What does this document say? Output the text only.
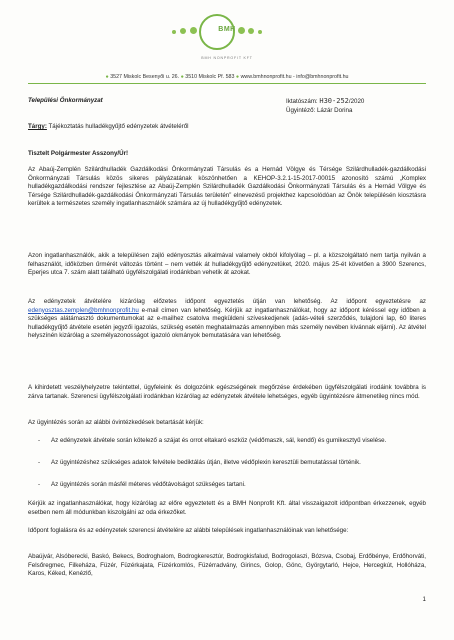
BMH
BMH NONPROFIT KFT
● 3527 Miskolc Besenyői u. 26. ● 3510 Miskolc Pf. 583 ● www.bmhnonprofit.hu - info@bmhnonprofit.hu
Települési Önkormányzat	Iktatószám: H30-252/2020
Ügyintéző: Lázár Dorina
Tárgy: Tájékoztatás hulladékgyűjtő edényzetek átvételéről
Tisztelt Polgármester Asszony/Úr!
Az Abaúj-Zemplén Szilárdhulladék Gazdálkodási Önkormányzati Társulás és a Hernád Völgye és Térsége Szilárdhulladék-gazdálkodási Önkormányzati Társulás közös sikeres pályázatának köszönhetően a KEHOP-3.2.1-15-2017-00015 azonosító számú „Komplex hulladékgazdálkodási rendszer fejlesztése az Abaúj-Zemplén Szilárdhulladék Gazdálkodási Önkormányzati Társulás és a Hernád Völgye és Térsége Szilárdhulladék-gazdálkodási Önkormányzati Társulás területén” elnevezésű projekthez kapcsolódóan az Önök településén kiosztásra kerültek a természetes személy ingatlanhasználók számára az új hulladékgyűjtő edényzetek.
Azon ingatlanhasználók, akik a településen zajló edényosztás alkalmával valamely okból kifolyólag – pl. a közszolgáltató nem tartja nyilván a felhasználót, időközben űrmérét változás történt – nem vették át hulladékgyűjtő edényzetüket, 2020. május 25-ét követően a 3900 Szerencs, Eperjes utca 7. szám alatt található ügyfélszolgálati irodánkban vehetik át azokat.
Az edényzetek átvételére kizárólag előzetes időpont egyeztetés útján van lehetőség. Az időpont egyeztetésre az edenyosztas.zemplen@bmhnonprofit.hu e-mail címen van lehetőség. Kérjük az ingatlanhasználókat, hogy az időpont kéréssel egy időben a szükséges alátámasztó dokumentumokat az e-mailhez csatolva megküldeni szíveskedjenek (adás-vételi szerződés, tulajdoni lap, 60 literes hulladékgyűjtő átvétele esetén jegyzői igazolás, szükség esetén meghatalmazás amennyiben más személy nevében kívánnak eljárni). Az átvétel helyszínén kizárólag a személyazonosságot igazoló okmányok bemutatására van lehetőség.
A kihirdetett veszélyhelyzetre tekintettel, ügyfeleink és dolgozóink egészségének megőrzése érdekében ügyfélszolgálati irodáink továbbra is zárva tartanak. Szerencsi ügyfélszolgálati irodánkban kizárólag az edényzetek átvétele lehetséges, egyéb ügyintézésre átmenetileg nincs mód.
Az ügyintézés során az alábbi óvintézkedések betartását kérjük:
- Az edényzetek átvétele során kötelező a szájat és orrot eltakaró eszköz (védőmaszk, sál, kendő) és gumikesztyű viselése.
- Az ügyintézéshez szükséges adatok felvétele bediktálás útján, illetve védőplexin keresztüli bemutatással történik.
- Az ügyintézés során másfél méteres védőtávolságot szükséges tartani.
Kérjük az ingatlanhasználókat, hogy kizárólag az előre egyeztetett és a BMH Nonprofit Kft. által visszaigazolt időpontban érkezzenek, egyéb esetben nem áll módunkban kiszolgálni az oda érkezőket.
Időpont foglalásra és az edényzetek szerencsi átvételére az alábbi települések ingatlanhasználóinak van lehetősége:
Abaújvár, Alsóberecki, Baskó, Bekecs, Bodroghalom, Bodrogkeresztúr, Bodrogkisfalud, Bodrogolaszi, Bózsva, Csobaj, Erdőbénye, Erdőhorváti, Felsőregmec, Filkeháza, Füzér, Füzérkajata, Füzérkomlós, Füzérradvány, Girincs, Golop, Gönc, Györgytarló, Hejce, Hercegkút, Hollóháza, Karos, Kéked, Kenézlő,
1
